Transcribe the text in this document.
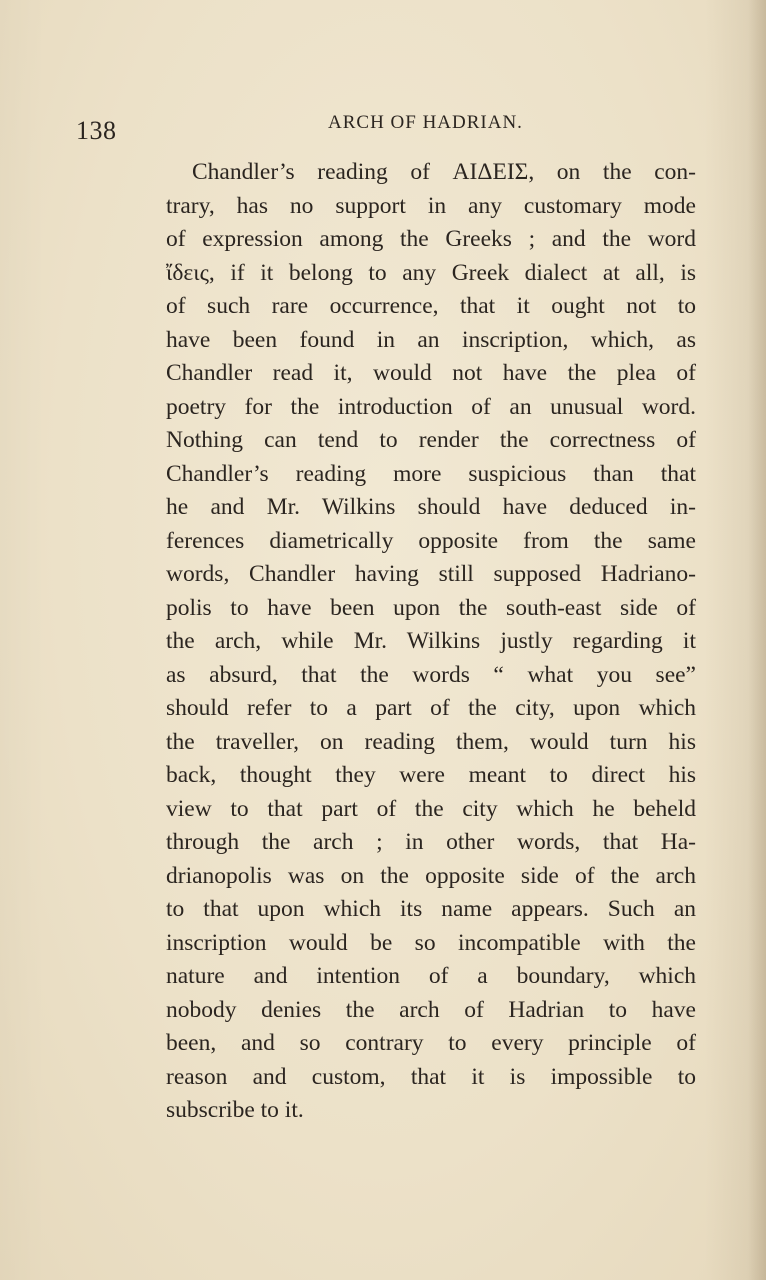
138	ARCH OF HADRIAN.
Chandler’s reading of ΑΙΔΕΙΣ, on the con-
trary, has no support in any customary mode
of expression among the Greeks ; and the word
ἴδεις, if it belong to any Greek dialect at all, is
of such rare occurrence, that it ought not to
have been found in an inscription, which, as
Chandler read it, would not have the plea of
poetry for the introduction of an unusual word.
Nothing can tend to render the correctness of
Chandler’s reading more suspicious than that
he and Mr. Wilkins should have deduced in-
ferences diametrically opposite from the same
words, Chandler having still supposed Hadriano-
polis to have been upon the south-east side of
the arch, while Mr. Wilkins justly regarding it
as absurd, that the words “ what you see”
should refer to a part of the city, upon which
the traveller, on reading them, would turn his
back, thought they were meant to direct his
view to that part of the city which he beheld
through the arch ; in other words, that Ha-
drianopolis was on the opposite side of the arch
to that upon which its name appears. Such an
inscription would be so incompatible with the
nature and intention of a boundary, which
nobody denies the arch of Hadrian to have
been, and so contrary to every principle of
reason and custom, that it is impossible to
subscribe to it.
